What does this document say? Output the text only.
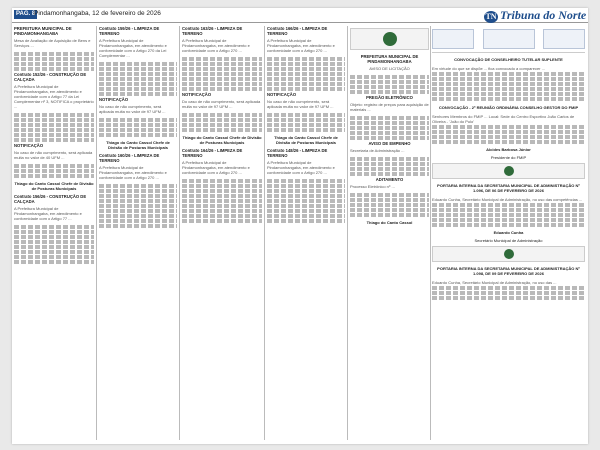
PAG. 8
Pindamonhangaba, 12 de fevereiro de 2026	TN Tribuna do Norte
PREFEITURA MUNICIPAL DE PINDAMONHANGABA
Mesa de Avaliação de Aquisição de Bens e Serviços ...
Contrato 152/26 - CONSTRUÇÃO DE CALÇADA
A Prefeitura Municipal de Pindamonhangaba, em atendimento e conformidade com o Artigo 77 da Lei Complementar nº 3, NOTIFICA o proprietário ...
NOTIFICAÇÃO
No caso de não cumprimento, será aplicada multa no valor de 40 UFM ...
Thiago do Canto Cassol Chefe de Divisão de Posturas Municipais
Contrato 156/26 - CONSTRUÇÃO DE CALÇADA
A Prefeitura Municipal de Pindamonhangaba, em atendimento e conformidade com o Artigo 77 ...
Contrato 159/26 - LIMPEZA DE TERRENO
A Prefeitura Municipal de Pindamonhangaba, em atendimento e conformidade com o Artigo 270 da Lei Complementar ...
NOTIFICAÇÃO
No caso de não cumprimento, será aplicada multa no valor de 97 UFM ...
Thiago do Canto Cassol Chefe de Divisão de Posturas Municipais
Contrato 160/26 - LIMPEZA DE TERRENO
A Prefeitura Municipal de Pindamonhangaba, em atendimento e conformidade com o Artigo 270 ...
Contrato 163/26 - LIMPEZA DE TERRENO
A Prefeitura Municipal de Pindamonhangaba, em atendimento e conformidade com o Artigo 270 ...
NOTIFICAÇÃO
Do caso de não cumprimento, será aplicada multa no valor de 97 UFM ...
Thiago do Canto Cassol Chefe de Divisão de Posturas Municipais
Contrato 164/26 - LIMPEZA DE TERRENO
A Prefeitura Municipal de Pindamonhangaba, em atendimento e conformidade com o Artigo 270 ...
Contrato 166/26 - LIMPEZA DE TERRENO
A Prefeitura Municipal de Pindamonhangaba, em atendimento e conformidade com o Artigo 270 ...
NOTIFICAÇÃO
No caso de não cumprimento, será aplicada multa no valor de 97 UFM ...
Thiago do Canto Cassol Chefe de Divisão de Posturas Municipais
Contrato 148/26 - LIMPEZA DE TERRENO
A Prefeitura Municipal de Pindamonhangaba, em atendimento e conformidade com o Artigo 270 ...
PREFEITURA MUNICIPAL DE PINDAMONHANGABA
AVISO DE LICITAÇÃO
PREGÃO ELETRÔNICO
Objeto: registro de preços para aquisição de materiais ...
AVISO DE EMPENHO
Secretaria de Administração ...
ADITAMENTO
Processo Eletrônico nº ...
Thiago do Canto Cassol
CONVOCAÇÃO DE CONSELHEIRO TUTELAR SUPLENTE
Em virtude do que se dispõe ... fica convocado a comparecer ...
CONVOCAÇÃO - 2ª REUNIÃO ORDINÁRIA CONSELHO GESTOR DO FMIP
Senhores Membros do FMIP ... Local: Sede do Centro Esportivo João Carlos de Oliveira - 'João do Pulo'
Alcides Barbosa Júnior
Presidente do FMIP
PORTARIA INTERNA DA SECRETARIA MUNICIPAL DE ADMINISTRAÇÃO Nº 1.096, DE 06 DE FEVEREIRO DE 2026
Eduardo Cunha, Secretário Municipal de Administração, no uso das competências ...
Eduardo Cunha
Secretário Municipal de Administração
PORTARIA INTERNA DA SECRETARIA MUNICIPAL DE ADMINISTRAÇÃO Nº 1.098, DE 09 DE FEVEREIRO DE 2026
Eduardo Cunha, Secretário Municipal de Administração, no uso das ...
